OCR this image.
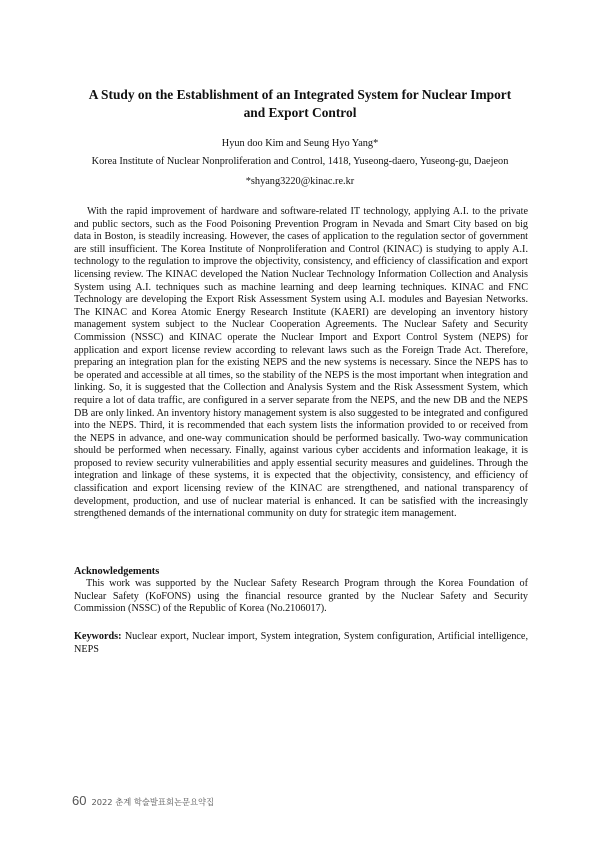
A Study on the Establishment of an Integrated System for Nuclear Import and Export Control
Hyun doo Kim and Seung Hyo Yang*
Korea Institute of Nuclear Nonproliferation and Control, 1418, Yuseong-daero, Yuseong-gu, Daejeon
*shyang3220@kinac.re.kr

With the rapid improvement of hardware and software-related IT technology, applying A.I. to the private and public sectors, such as the Food Poisoning Prevention Program in Nevada and Smart City based on big data in Boston, is steadily increasing. However, the cases of application to the regulation sector of government are still insufficient. The Korea Institute of Nonproliferation and Control (KINAC) is studying to apply A.I. technology to the regulation to improve the objectivity, consistency, and efficiency of classification and export licensing review. The KINAC developed the Nation Nuclear Technology Information Collection and Analysis System using A.I. techniques such as machine learning and deep learning techniques. KINAC and FNC Technology are developing the Export Risk Assessment System using A.I. modules and Bayesian Networks. The KINAC and Korea Atomic Energy Research Institute (KAERI) are developing an inventory history management system subject to the Nuclear Cooperation Agreements. The Nuclear Safety and Security Commission (NSSC) and KINAC operate the Nuclear Import and Export Control System (NEPS) for application and export license review according to relevant laws such as the Foreign Trade Act. Therefore, preparing an integration plan for the existing NEPS and the new systems is necessary. Since the NEPS has to be operated and accessible at all times, so the stability of the NEPS is the most important when integration and linking. So, it is suggested that the Collection and Analysis System and the Risk Assessment System, which require a lot of data traffic, are configured in a server separate from the NEPS, and the new DB and the NEPS DB are only linked. An inventory history management system is also suggested to be integrated and configured into the NEPS. Third, it is recommended that each system lists the information provided to or received from the NEPS in advance, and one-way communication should be performed basically. Two-way communication should be performed when necessary. Finally, against various cyber accidents and information leakage, it is proposed to review security vulnerabilities and apply essential security measures and guidelines. Through the integration and linkage of these systems, it is expected that the objectivity, consistency, and efficiency of classification and export licensing review of the KINAC are strengthened, and national transparency of development, production, and use of nuclear material is enhanced. It can be satisfied with the increasingly strengthened demands of the international community on duty for strategic item management.

Acknowledgements

This work was supported by the Nuclear Safety Research Program through the Korea Foundation of Nuclear Safety (KoFONS) using the financial resource granted by the Nuclear Safety and Security Commission (NSSC) of the Republic of Korea (No.2106017).

Keywords: Nuclear export, Nuclear import, System integration, System configuration, Artificial intelligence, NEPS

60 2022 춘계 학술발표회논문요약집
